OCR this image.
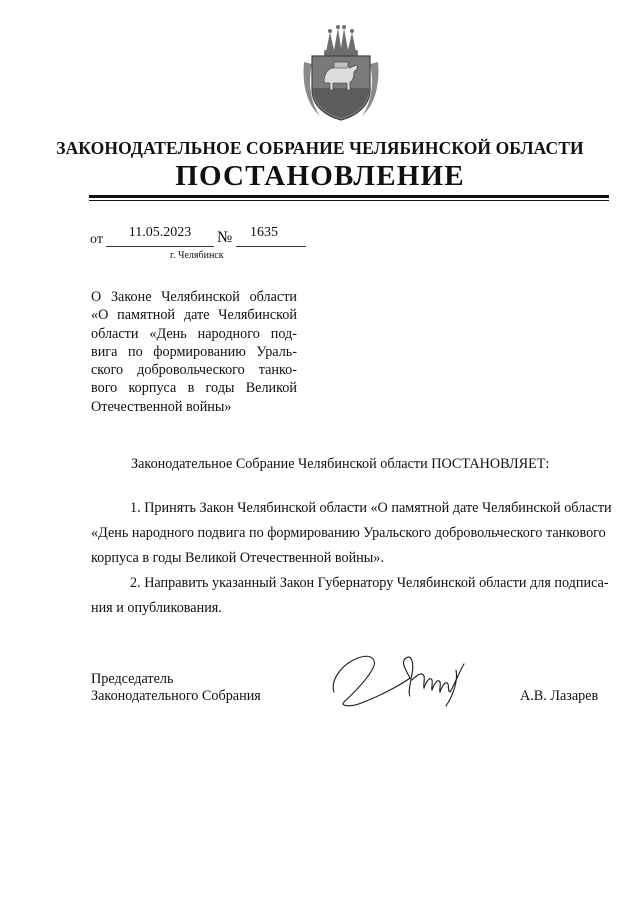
ЗАКОНОДАТЕЛЬНОЕ СОБРАНИЕ ЧЕЛЯБИНСКОЙ ОБЛАСТИ
ПОСТАНОВЛЕНИЕ
от	11.05.2023	№	1635
г. Челябинск
О Законе Челябинской области
«О памятной дате Челябинской
области «День народного под-
вига по формированию Ураль-
ского добровольческого танко-
вого корпуса в годы Великой
Отечественной войны»
Законодательное Собрание Челябинской области ПОСТАНОВЛЯЕТ:
1. Принять Закон Челябинской области «О памятной дате Челябинской области
«День народного подвига по формированию Уральского добровольческого танкового
корпуса в годы Великой Отечественной войны».
2. Направить указанный Закон Губернатору Челябинской области для подписа-
ния и опубликования.
Председатель
Законодательного Собрания	А.В. Лазарев
